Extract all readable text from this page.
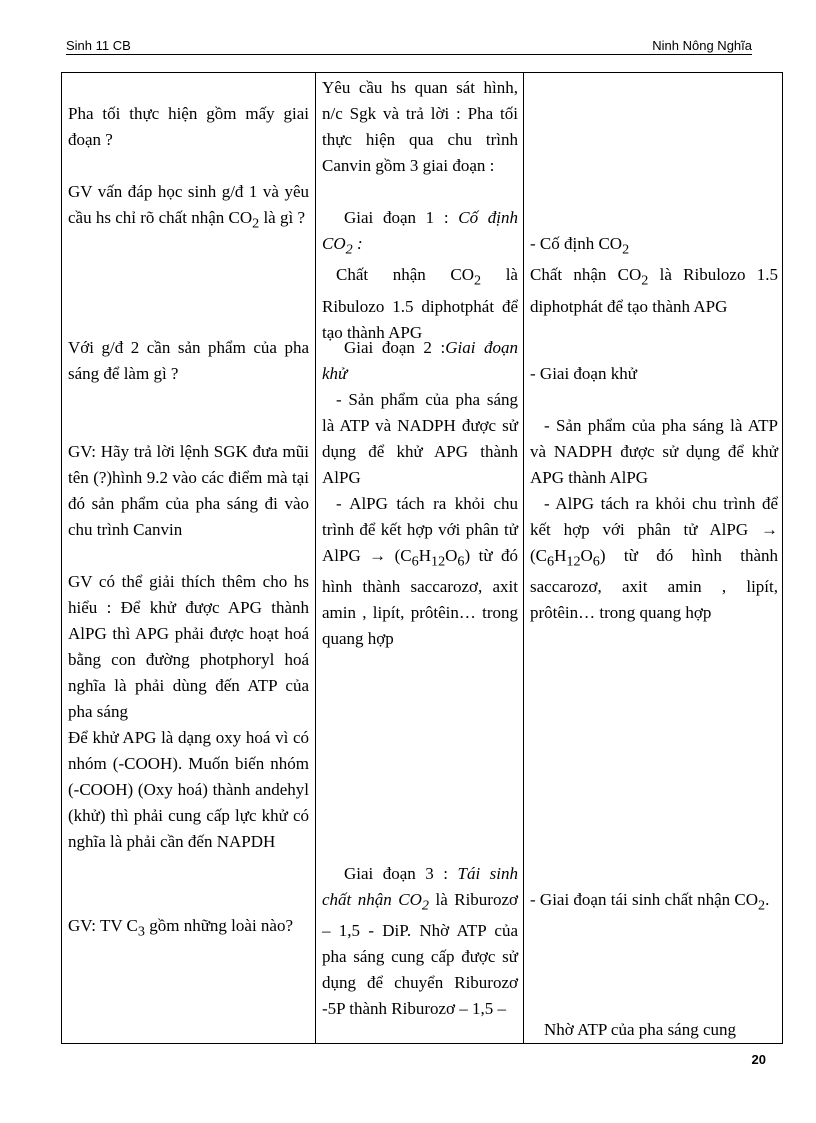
Sinh 11 CB	Ninh Nông Nghĩa

Pha tối thực hiện gồm mấy giai đoạn ?

GV vấn đáp học sinh g/đ 1 và yêu cầu hs chỉ rõ chất nhận $CO_2$ là gì ?

Với g/đ 2 cần sản phẩm của pha sáng để làm gì ?

GV: Hãy trả lời lệnh SGK đưa mũi tên (?)hình 9.2 vào các điểm mà tại đó sản phẩm của pha sáng đi vào chu trình Canvin

GV có thể giải thích thêm cho hs hiểu : Để khử được APG thành AlPG thì APG phải được hoạt hoá bằng con đường photphoryl hoá nghĩa là phải dùng đến ATP của pha sáng

Để khử APG là dạng oxy hoá vì có nhóm (-COOH). Muốn biến nhóm (-COOH) (Oxy hoá) thành andehyl (khử) thì phải cung cấp lực khử có nghĩa là phải cần đến NAPDH

GV: TV $C_3$ gồm những loài nào?

Yêu cầu hs quan sát hình, n/c Sgk và trả lời : Pha tối thực hiện qua chu trình Canvin gồm 3 giai đoạn :

Giai đoạn 1 : Cố định $CO_2$ :

Chất nhận $CO_2$ là Ribulozo 1.5 diphotphát để tạo thành APG

Giai đoạn 2 :Giai đoạn khử

- Sản phẩm của pha sáng là ATP và NADPH được sử dụng để khử APG thành AlPG

- AlPG tách ra khỏi chu trình để kết hợp với phân tử AlPG → $(C_6H_{12}O_6)$ từ đó hình thành saccarozơ, axit amin , lipít, prôtêin… trong quang hợp

Giai đoạn 3 : Tái sinh chất nhận $CO_2$ là Riburozơ – 1,5 - DiP. Nhờ ATP của pha sáng cung cấp được sử dụng để chuyển Riburozơ -5P thành Riburozơ – 1,5 –

- Cố định $CO_2$

Chất nhận $CO_2$ là Ribulozo 1.5 diphotphát để tạo thành APG

- Giai đoạn khử

- Sản phẩm của pha sáng là ATP và NADPH được sử dụng để khử APG thành AlPG

- AlPG tách ra khỏi chu trình để kết hợp với phân tử AlPG → $(C_6H_{12}O_6)$ từ đó hình thành saccarozơ, axit amin , lipít, prôtêin… trong quang hợp

- Giai đoạn tái sinh chất nhận $CO_2$.

Nhờ ATP của pha sáng cung

20
